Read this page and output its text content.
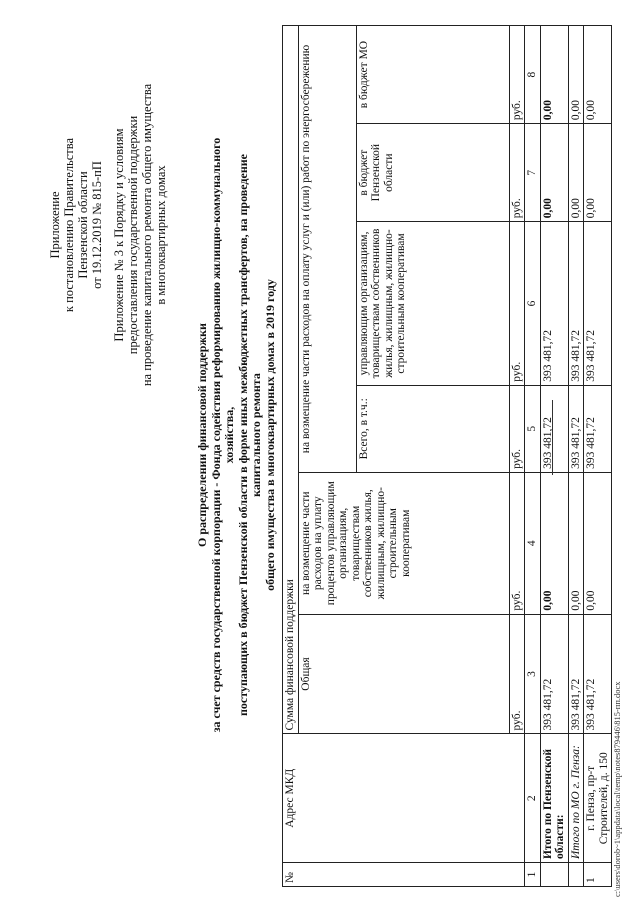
Приложение к постановлению Правительства Пензенской области от 19.12.2019 № 815-пП Приложение № 3 к Порядку и условиям предоставления государственной поддержки на проведение капитального ремонта общего имущества в многоквартирных домах
О распределении финансовой поддержки за счет средств государственной корпорации - Фонда содействия реформированию жилищно-коммунального хозяйства, поступающих в бюджет Пензенской области в форме иных межбюджетных трансфертов, на проведение капитального ремонта общего имущества в многоквартирных домах в 2019 году
№	Адрес МКД	Сумма финансовой поддержки					
		Общая	на возмещение части расходов на уплату процентов управляющим организациям, товариществам собственников жилья, жилищным, жилищно-строительным кооперативам	на возмещение части расходов на оплату услуг и (или) работ по энергосбережению			
				Всего, в т.ч.:	управляющим организациям, товариществам собственников жилья, жилищным, жилищно-строительным кооперативам	в бюджет Пензенской области	в бюджет МО
		руб.	руб.	руб.	руб.	руб.	руб.
1	2	3	4	5	6	7	8
	Итого по Пензенской области:	393 481,72	0,00	393 481,72	393 481,72	0,00	0,00
	Итого по МО г. Пенза:	393 481,72	0,00	393 481,72	393 481,72	0,00	0,00
1	г. Пенза, пр-т Строителей, д. 150	393 481,72	0,00	393 481,72	393 481,72	0,00	0,00
c:\users\dorob~1\appdata\local\temp\notes879446\815-пп.docx
